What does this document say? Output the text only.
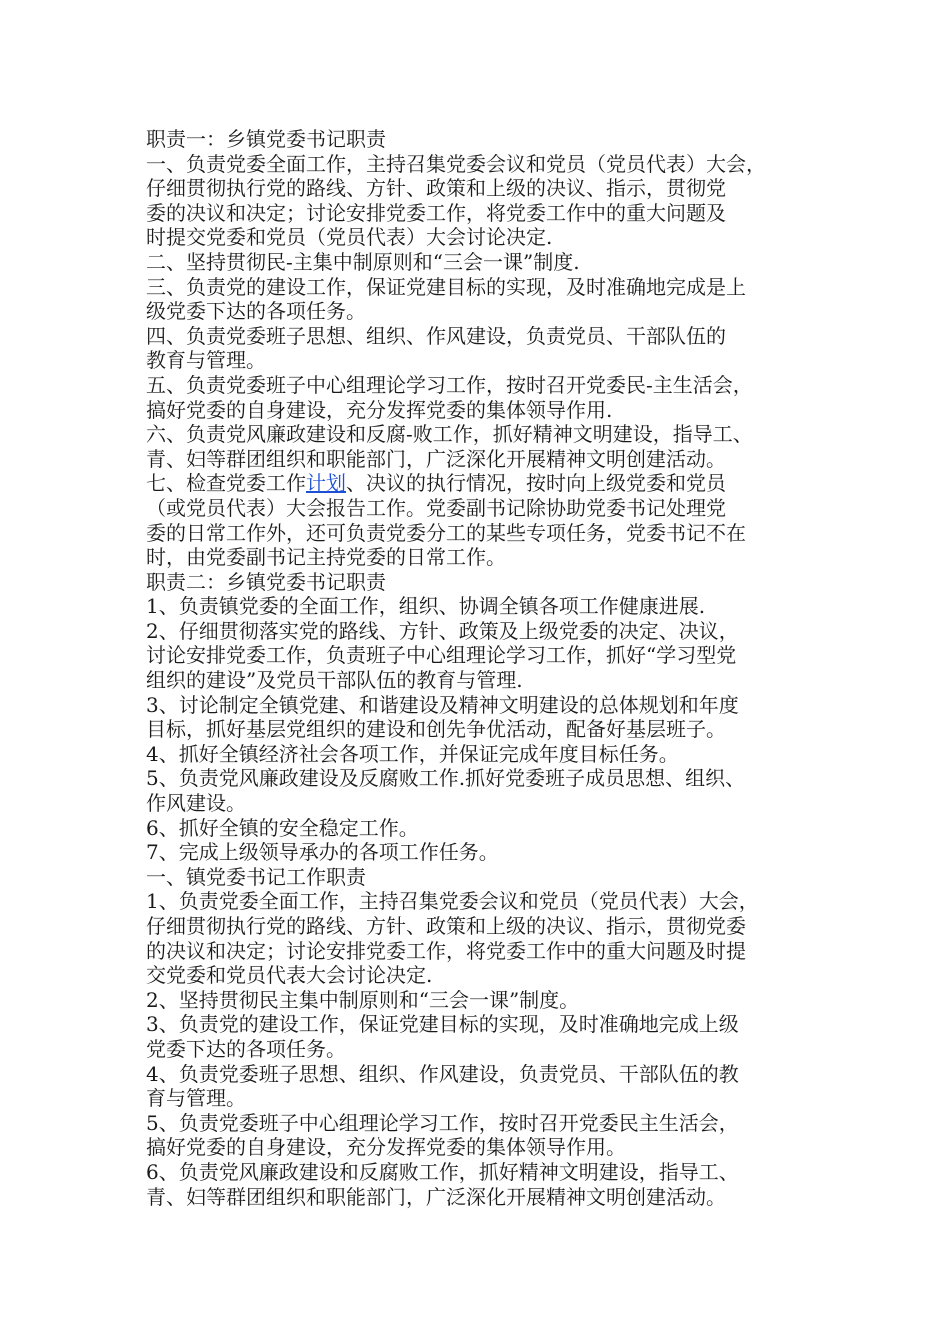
职责一：乡镇党委书记职责
一、负责党委全面工作，主持召集党委会议和党员（党员代表）大会，
仔细贯彻执行党的路线、方针、政策和上级的决议、指示，贯彻党
委的决议和决定；讨论安排党委工作，将党委工作中的重大问题及
时提交党委和党员（党员代表）大会讨论决定.
二、坚持贯彻民-主集中制原则和“三会一课”制度.
三、负责党的建设工作，保证党建目标的实现，及时准确地完成是上
级党委下达的各项任务。
四、负责党委班子思想、组织、作风建设，负责党员、干部队伍的
教育与管理。
五、负责党委班子中心组理论学习工作，按时召开党委民-主生活会，
搞好党委的自身建设，充分发挥党委的集体领导作用.
六、负责党风廉政建设和反腐-败工作，抓好精神文明建设，指导工、
青、妇等群团组织和职能部门，广泛深化开展精神文明创建活动。
七、检查党委工作计划、决议的执行情况，按时向上级党委和党员
（或党员代表）大会报告工作。党委副书记除协助党委书记处理党
委的日常工作外，还可负责党委分工的某些专项任务，党委书记不在
时，由党委副书记主持党委的日常工作。
职责二：乡镇党委书记职责
1、负责镇党委的全面工作，组织、协调全镇各项工作健康进展.
2、仔细贯彻落实党的路线、方针、政策及上级党委的决定、决议，
讨论安排党委工作，负责班子中心组理论学习工作，抓好“学习型党
组织的建设”及党员干部队伍的教育与管理.
3、讨论制定全镇党建、和谐建设及精神文明建设的总体规划和年度
目标，抓好基层党组织的建设和创先争优活动，配备好基层班子。
4、抓好全镇经济社会各项工作，并保证完成年度目标任务。
5、负责党风廉政建设及反腐败工作.抓好党委班子成员思想、组织、
作风建设。
6、抓好全镇的安全稳定工作。
7、完成上级领导承办的各项工作任务。
一、镇党委书记工作职责
1、负责党委全面工作，主持召集党委会议和党员（党员代表）大会，
仔细贯彻执行党的路线、方针、政策和上级的决议、指示，贯彻党委
的决议和决定；讨论安排党委工作，将党委工作中的重大问题及时提
交党委和党员代表大会讨论决定.
2、坚持贯彻民主集中制原则和“三会一课”制度。
3、负责党的建设工作，保证党建目标的实现，及时准确地完成上级
党委下达的各项任务。
4、负责党委班子思想、组织、作风建设，负责党员、干部队伍的教
育与管理。
5、负责党委班子中心组理论学习工作，按时召开党委民主生活会，
搞好党委的自身建设，充分发挥党委的集体领导作用。
6、负责党风廉政建设和反腐败工作，抓好精神文明建设，指导工、
青、妇等群团组织和职能部门，广泛深化开展精神文明创建活动。
